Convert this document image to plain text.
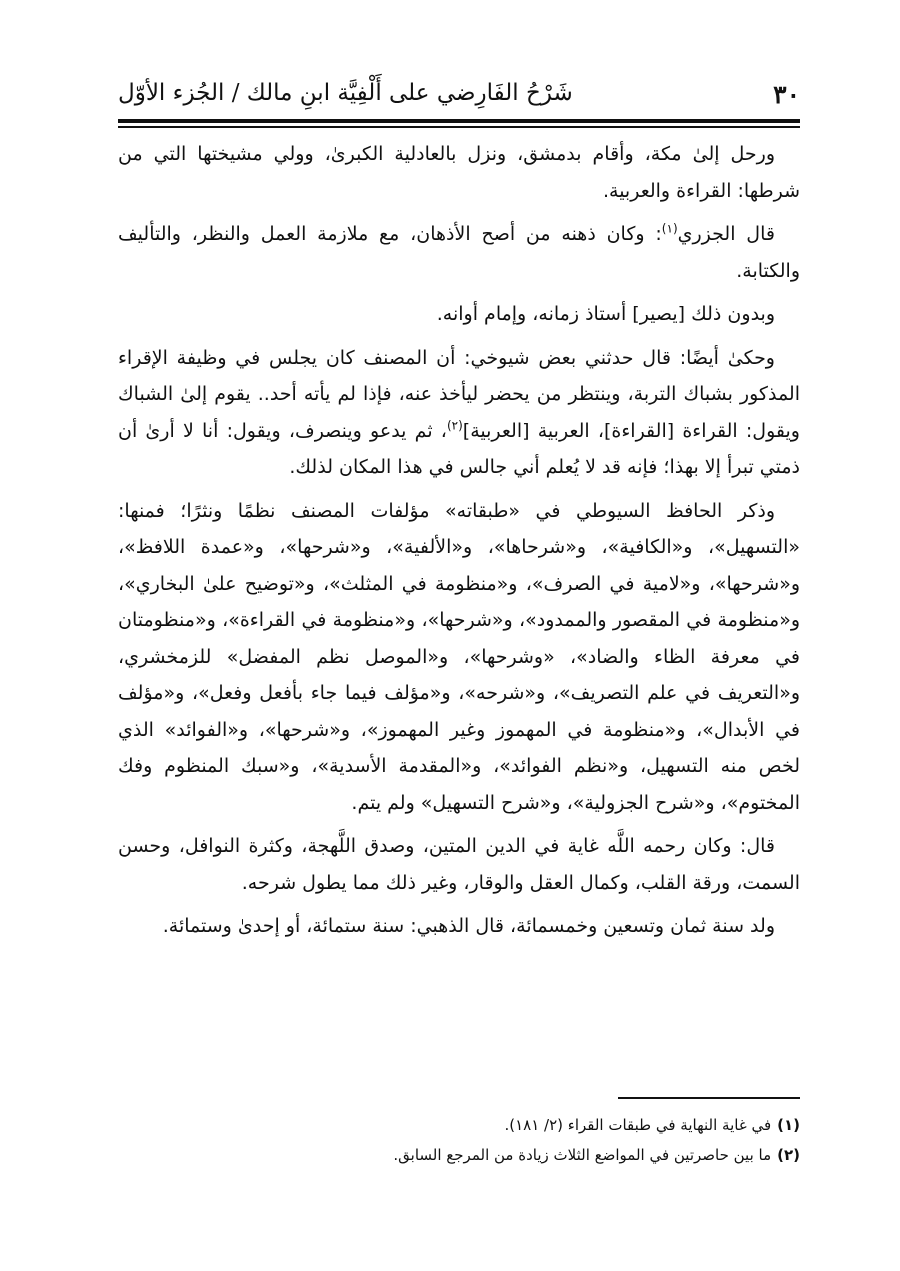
٣٠
شَرْحُ الفَارِضي على أَلْفِيَّة ابنِ مالك / الجُزء الأوّل

ورحل إلىٰ مكة، وأقام بدمشق، ونزل بالعادلية الكبرىٰ، وولي مشيختها التي من شرطها: القراءة والعربية.

قال الجزري$^{(١)}$: وكان ذهنه من أصح الأذهان، مع ملازمة العمل والنظر، والتأليف والكتابة.

وبدون ذلك [يصير] أستاذ زمانه، وإمام أوانه.

وحكىٰ أيضًا: قال حدثني بعض شيوخي: أن المصنف كان يجلس في وظيفة الإقراء المذكور بشباك التربة، وينتظر من يحضر ليأخذ عنه، فإذا لم يأته أحد.. يقوم إلىٰ الشباك ويقول: القراءة [القراءة]، العربية [العربية]$^{(٢)}$، ثم يدعو وينصرف، ويقول: أنا لا أرىٰ أن ذمتي تبرأ إلا بهذا؛ فإنه قد لا يُعلم أني جالس في هذا المكان لذلك.

وذكر الحافظ السيوطي في «طبقاته» مؤلفات المصنف نظمًا ونثرًا؛ فمنها: «التسهيل»، و«الكافية»، و«شرحاها»، و«الألفية»، و«شرحها»، و«عمدة اللافظ»، و«شرحها»، و«لامية في الصرف»، و«منظومة في المثلث»، و«توضيح علىٰ البخاري»، و«منظومة في المقصور والممدود»، و«شرحها»، و«منظومة في القراءة»، و«منظومتان في معرفة الظاء والضاد»، «وشرحها»، و«الموصل نظم المفضل» للزمخشري، و«التعريف في علم التصريف»، و«شرحه»، و«مؤلف فيما جاء بأفعل وفعل»، و«مؤلف في الأبدال»، و«منظومة في المهموز وغير المهموز»، و«شرحها»، و«الفوائد» الذي لخص منه التسهيل، و«نظم الفوائد»، و«المقدمة الأسدية»، و«سبك المنظوم وفك المختوم»، و«شرح الجزولية»، و«شرح التسهيل» ولم يتم.

قال: وكان رحمه اللَّه غاية في الدين المتين، وصدق اللَّهجة، وكثرة النوافل، وحسن السمت، ورقة القلب، وكمال العقل والوقار، وغير ذلك مما يطول شرحه.

ولد سنة ثمان وتسعين وخمسمائة، قال الذهبي: سنة ستمائة، أو إحدىٰ وستمائة.

(١)في غاية النهاية في طبقات القراء (٢/ ١٨١).
(٢)ما بين حاصرتين في المواضع الثلاث زيادة من المرجع السابق.
